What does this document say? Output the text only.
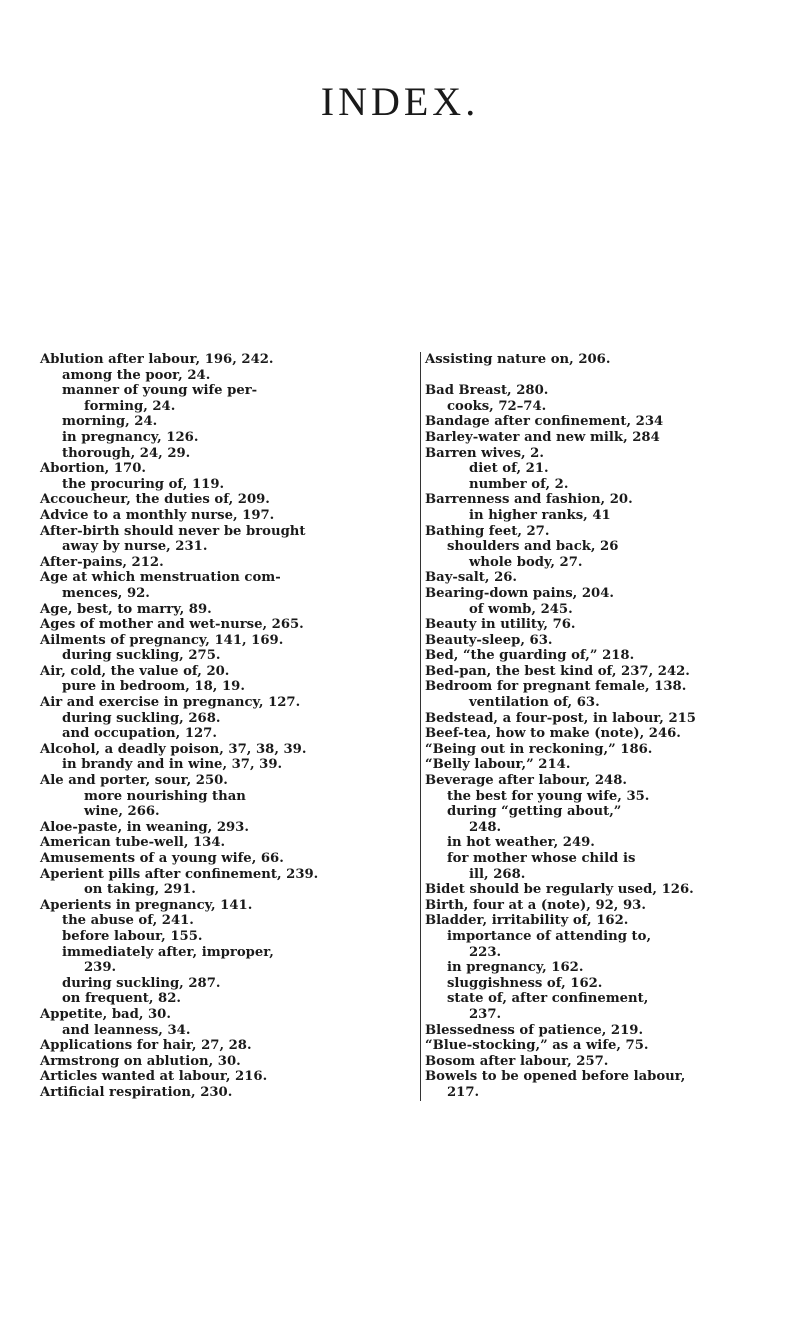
INDEX.
Ablution after labour, 196, 242.
among the poor, 24.
manner of young wife per-
forming, 24.
morning, 24.
in pregnancy, 126.
thorough, 24, 29.
Abortion, 170.
the procuring of, 119.
Accoucheur, the duties of, 209.
Advice to a monthly nurse, 197.
After-birth should never be brought
away by nurse, 231.
After-pains, 212.
Age at which menstruation com-
mences, 92.
Age, best, to marry, 89.
Ages of mother and wet-nurse, 265.
Ailments of pregnancy, 141, 169.
during suckling, 275.
Air, cold, the value of, 20.
pure in bedroom, 18, 19.
Air and exercise in pregnancy, 127.
during suckling, 268.
and occupation, 127.
Alcohol, a deadly poison, 37, 38, 39.
in brandy and in wine, 37, 39.
Ale and porter, sour, 250.
more nourishing than
wine, 266.
Aloe-paste, in weaning, 293.
American tube-well, 134.
Amusements of a young wife, 66.
Aperient pills after confinement, 239.
on taking, 291.
Aperients in pregnancy, 141.
the abuse of, 241.
before labour, 155.
immediately after, improper,
239.
during suckling, 287.
on frequent, 82.
Appetite, bad, 30.
and leanness, 34.
Applications for hair, 27, 28.
Armstrong on ablution, 30.
Articles wanted at labour, 216.
Artificial respiration, 230.
Assisting nature on, 206.

Bad Breast, 280.
cooks, 72–74.
Bandage after confinement, 234
Barley-water and new milk, 284
Barren wives, 2.
diet of, 21.
number of, 2.
Barrenness and fashion, 20.
in higher ranks, 41
Bathing feet, 27.
shoulders and back, 26
whole body, 27.
Bay-salt, 26.
Bearing-down pains, 204.
of womb, 245.
Beauty in utility, 76.
Beauty-sleep, 63.
Bed, “the guarding of,” 218.
Bed-pan, the best kind of, 237, 242.
Bedroom for pregnant female, 138.
ventilation of, 63.
Bedstead, a four-post, in labour, 215
Beef-tea, how to make (note), 246.
“Being out in reckoning,” 186.
“Belly labour,” 214.
Beverage after labour, 248.
the best for young wife, 35.
during “getting about,”
248.
in hot weather, 249.
for mother whose child is
ill, 268.
Bidet should be regularly used, 126.
Birth, four at a (note), 92, 93.
Bladder, irritability of, 162.
importance of attending to,
223.
in pregnancy, 162.
sluggishness of, 162.
state of, after confinement,
237.
Blessedness of patience, 219.
“Blue-stocking,” as a wife, 75.
Bosom after labour, 257.
Bowels to be opened before labour,
217.
